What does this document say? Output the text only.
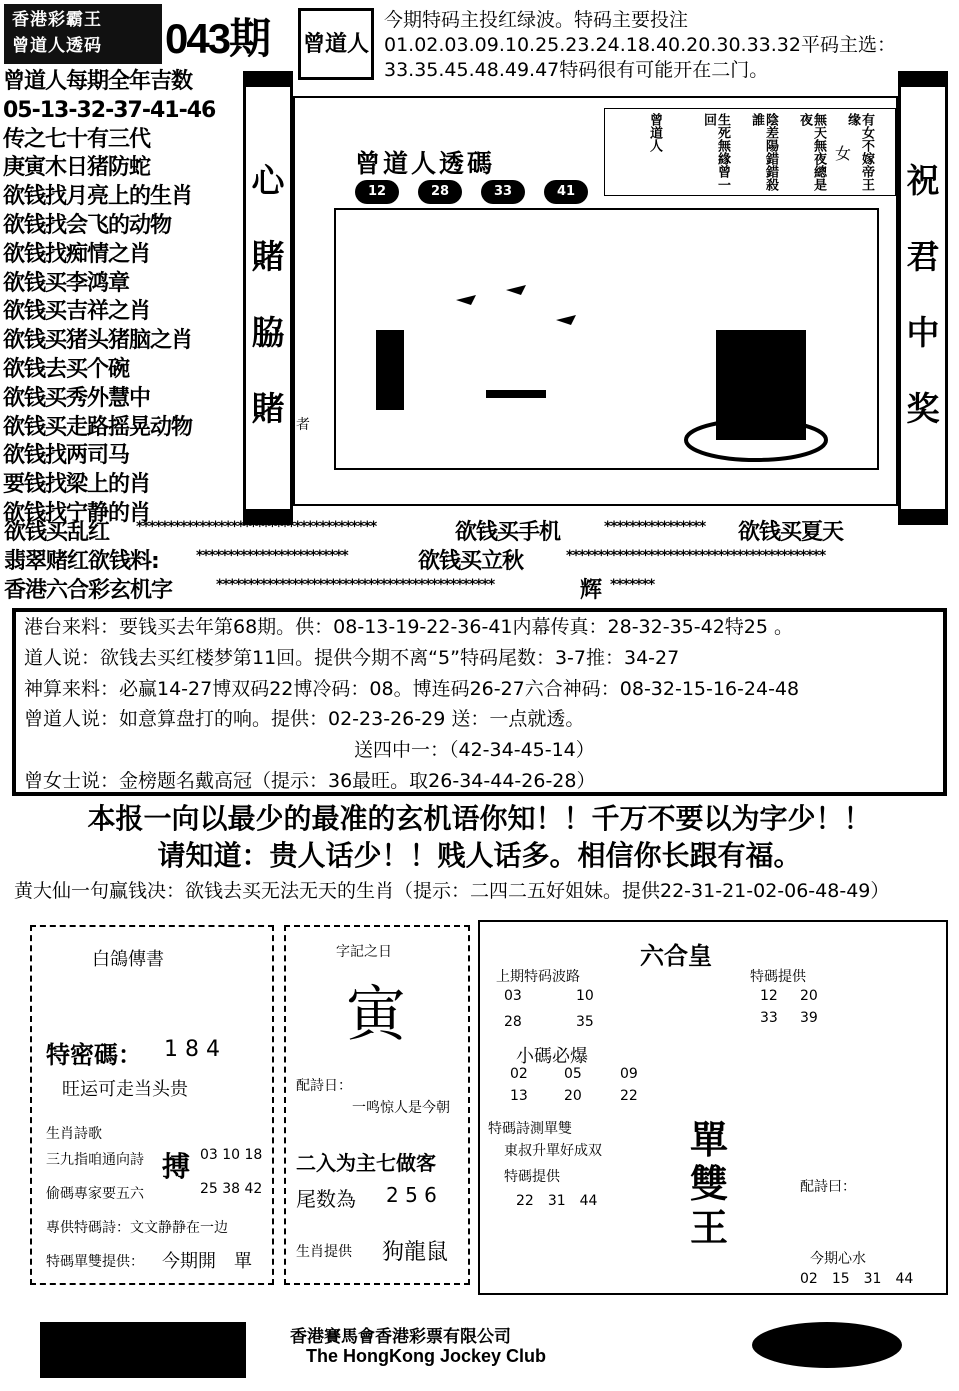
香港彩霸王
曾道人透码	043期 曾道人
今期特码主投红绿波。特码主要投注01.02.03.09.10.25.23.24.18.40.20.30.33.32平码主选：33.35.45.48.49.47特码很有可能开在二门。
曾道人每期全年吉数
05-13-32-37-41-46
传之七十有三代
庚寅木日猪防蛇
欲钱找月亮上的生肖
欲钱找会飞的动物
欲钱找痴情之肖
欲钱买李鸿章
欲钱买吉祥之肖
欲钱买猪头猪脑之肖
欲钱去买个碗
欲钱买秀外慧中
欲钱买走路摇晃动物
欲钱找两司马
要钱找梁上的肖
欲钱找宁静的肖
心賭脇賭 者
祝君中奖
曾道人透碼
12	28	33	41
有女不嫁帝王缘
無天無夜總是夜
陰差陽錯錯殺誰
生死無緣曾一回
曾道人
女
欲钱买乱红 **************************************	欲钱买手机	**************** 欲钱买夏天
翡翠赌红欲钱料:	************************	欲钱买立秋	*****************************************
香港六合彩玄机字	********************************************	辉 *******
港台来料：要钱买去年第68期。供：08-13-19-22-36-41内幕传真：28-32-35-42特25 。
道人说：欲钱去买红楼梦第11回。提供今期不离“5”特码尾数：3-7推：34-27
神算来料：必赢14-27博双码22博冷码：08。博连码26-27六合神码：08-32-15-16-24-48
曾道人说：如意算盘打的响。提供：02-23-26-29 送：一点就透。
送四中一：（42-34-45-14）
曾女士说：金榜题名戴高冠（提示：36最旺。取26-34-44-26-28）
本报一向以最少的最准的玄机语你知！！千万不要以为字少！！
请知道：贵人话少！！贱人话多。相信你长跟有福。
黄大仙一句赢钱决：欲钱去买无法无天的生肖（提示：二四二五好姐妹。提供22-31-21-02-06-48-49）
白鴿傳書
特密碼： 1 8 4
旺运可走当头贵
生肖詩歌
三九指咱通向詩 搏 03 10 18
偷碼專家要五六	25 38 42
專供特碼詩：文文静静在一边
特碼單雙提供： 今期開　單
字記之日
寅
配詩日：
一鸣惊人是今朝
二入为主七做客
尾数為 2 5 6
生肖提供 狗龍鼠
六合皇
上期特码波路
03	10
28	35
特碼提供
12 20
33 39
小碼必爆
02	05	09
13	20	22
特碼詩測單雙
東叔升單好成双
特碼提供
22　31　44
單
雙
王
配詩曰：
今期心水
02　15　31　44
香港賽馬會香港彩票有限公司
The HongKong Jockey Club
